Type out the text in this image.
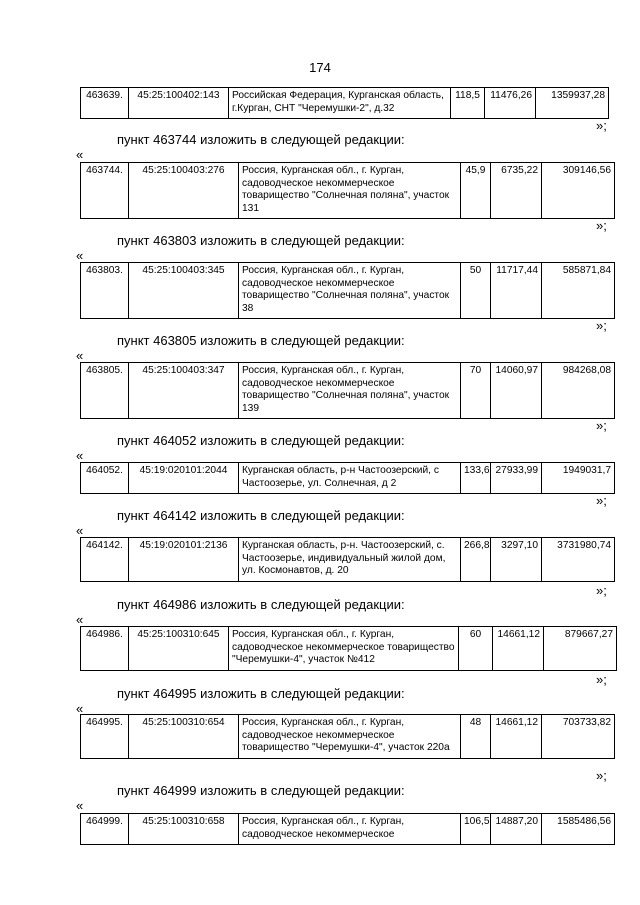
174
463639.	45:25:100402:143	Российская Федерация, Курганская область, г.Курган, СНТ "Черемушки-2", д.32	118,5	11476,26	1359937,28
»;
пункт 463744 изложить в следующей редакции:
«
463744.	45:25:100403:276	Россия, Курганская обл., г. Курган, садоводческое некоммерческое товарищество "Солнечная поляна", участок 131	45,9	6735,22	309146,56
»;
пункт 463803 изложить в следующей редакции:
«
463803.	45:25:100403:345	Россия, Курганская обл., г. Курган, садоводческое некоммерческое товарищество "Солнечная поляна", участок 38	50	11717,44	585871,84
»;
пункт 463805 изложить в следующей редакции:
«
463805.	45:25:100403:347	Россия, Курганская обл., г. Курган, садоводческое некоммерческое товарищество "Солнечная поляна", участок 139	70	14060,97	984268,08
»;
пункт 464052 изложить в следующей редакции:
«
464052.	45:19:020101:2044	Курганская область, р-н Частоозерский, с Частоозерье, ул. Солнечная, д 2	133,6	27933,99	1949031,7
»;
пункт 464142 изложить в следующей редакции:
«
464142.	45:19:020101:2136	Курганская область, р-н. Частоозерский, с. Частоозерье, индивидуальный жилой дом, ул. Космонавтов, д. 20	266,8	3297,10	3731980,74
»;
пункт 464986 изложить в следующей редакции:
«
464986.	45:25:100310:645	Россия, Курганская обл., г. Курган, садоводческое некоммерческое товарищество "Черемушки-4", участок №412	60	14661,12	879667,27
»;
пункт 464995 изложить в следующей редакции:
«
464995.	45:25:100310:654	Россия, Курганская обл., г. Курган, садоводческое некоммерческое товарищество "Черемушки-4", участок 220а	48	14661,12	703733,82
»;
пункт 464999 изложить в следующей редакции:
«
464999.	45:25:100310:658	Россия, Курганская обл., г. Курган, садоводческое некоммерческое	106,5	14887,20	1585486,56
